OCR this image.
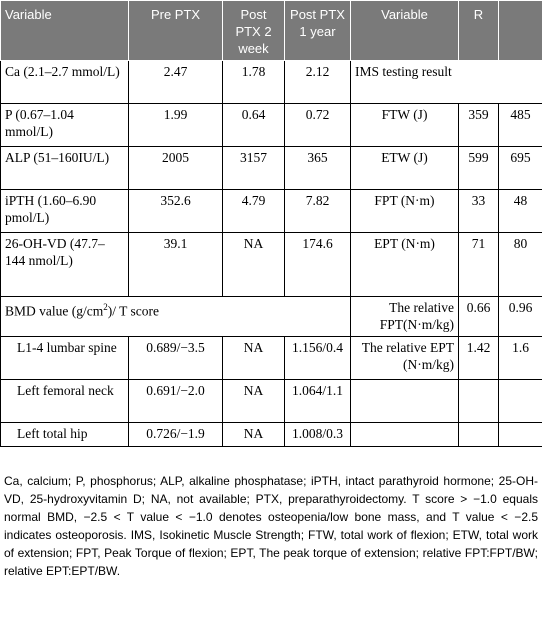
Variable	Pre PTX	Post PTX 2 week	Post PTX 1 year	Variable	R	
Ca (2.1–2.7 mmol/L)	2.47	1.78	2.12	IMS testing result		
P (0.67–1.04 mmol/L)	1.99	0.64	0.72	FTW (J)	359	485
ALP (51–160IU/L)	2005	3157	365	ETW (J)	599	695
iPTH (1.60–6.90 pmol/L)	352.6	4.79	7.82	FPT (N·m)	33	48
26-OH-VD (47.7–144 nmol/L)	39.1	NA	174.6	EPT (N·m)	71	80
BMD value $(g/cm^2)/$ T score				The relative FPT(N·m/kg)	0.66	0.96
L1-4 lumbar spine	0.689/−3.5	NA	1.156/0.4	The relative EPT (N·m/kg)	1.42	1.6
Left femoral neck	0.691/−2.0	NA	1.064/1.1			
Left total hip	0.726/−1.9	NA	1.008/0.3			
Ca, calcium; P, phosphorus; ALP, alkaline phosphatase; iPTH, intact parathyroid hormone; 25-OH-VD, 25-hydroxyvitamin D; NA, not available; PTX, preparathyroidectomy. T score > −1.0 equals normal BMD, −2.5 < T value < −1.0 denotes osteopenia/low bone mass, and T value < −2.5 indicates osteoporosis. IMS, Isokinetic Muscle Strength; FTW, total work of flexion; ETW, total work of extension; FPT, Peak Torque of flexion; EPT, The peak torque of extension; relative FPT:FPT/BW; relative EPT:EPT/BW.
